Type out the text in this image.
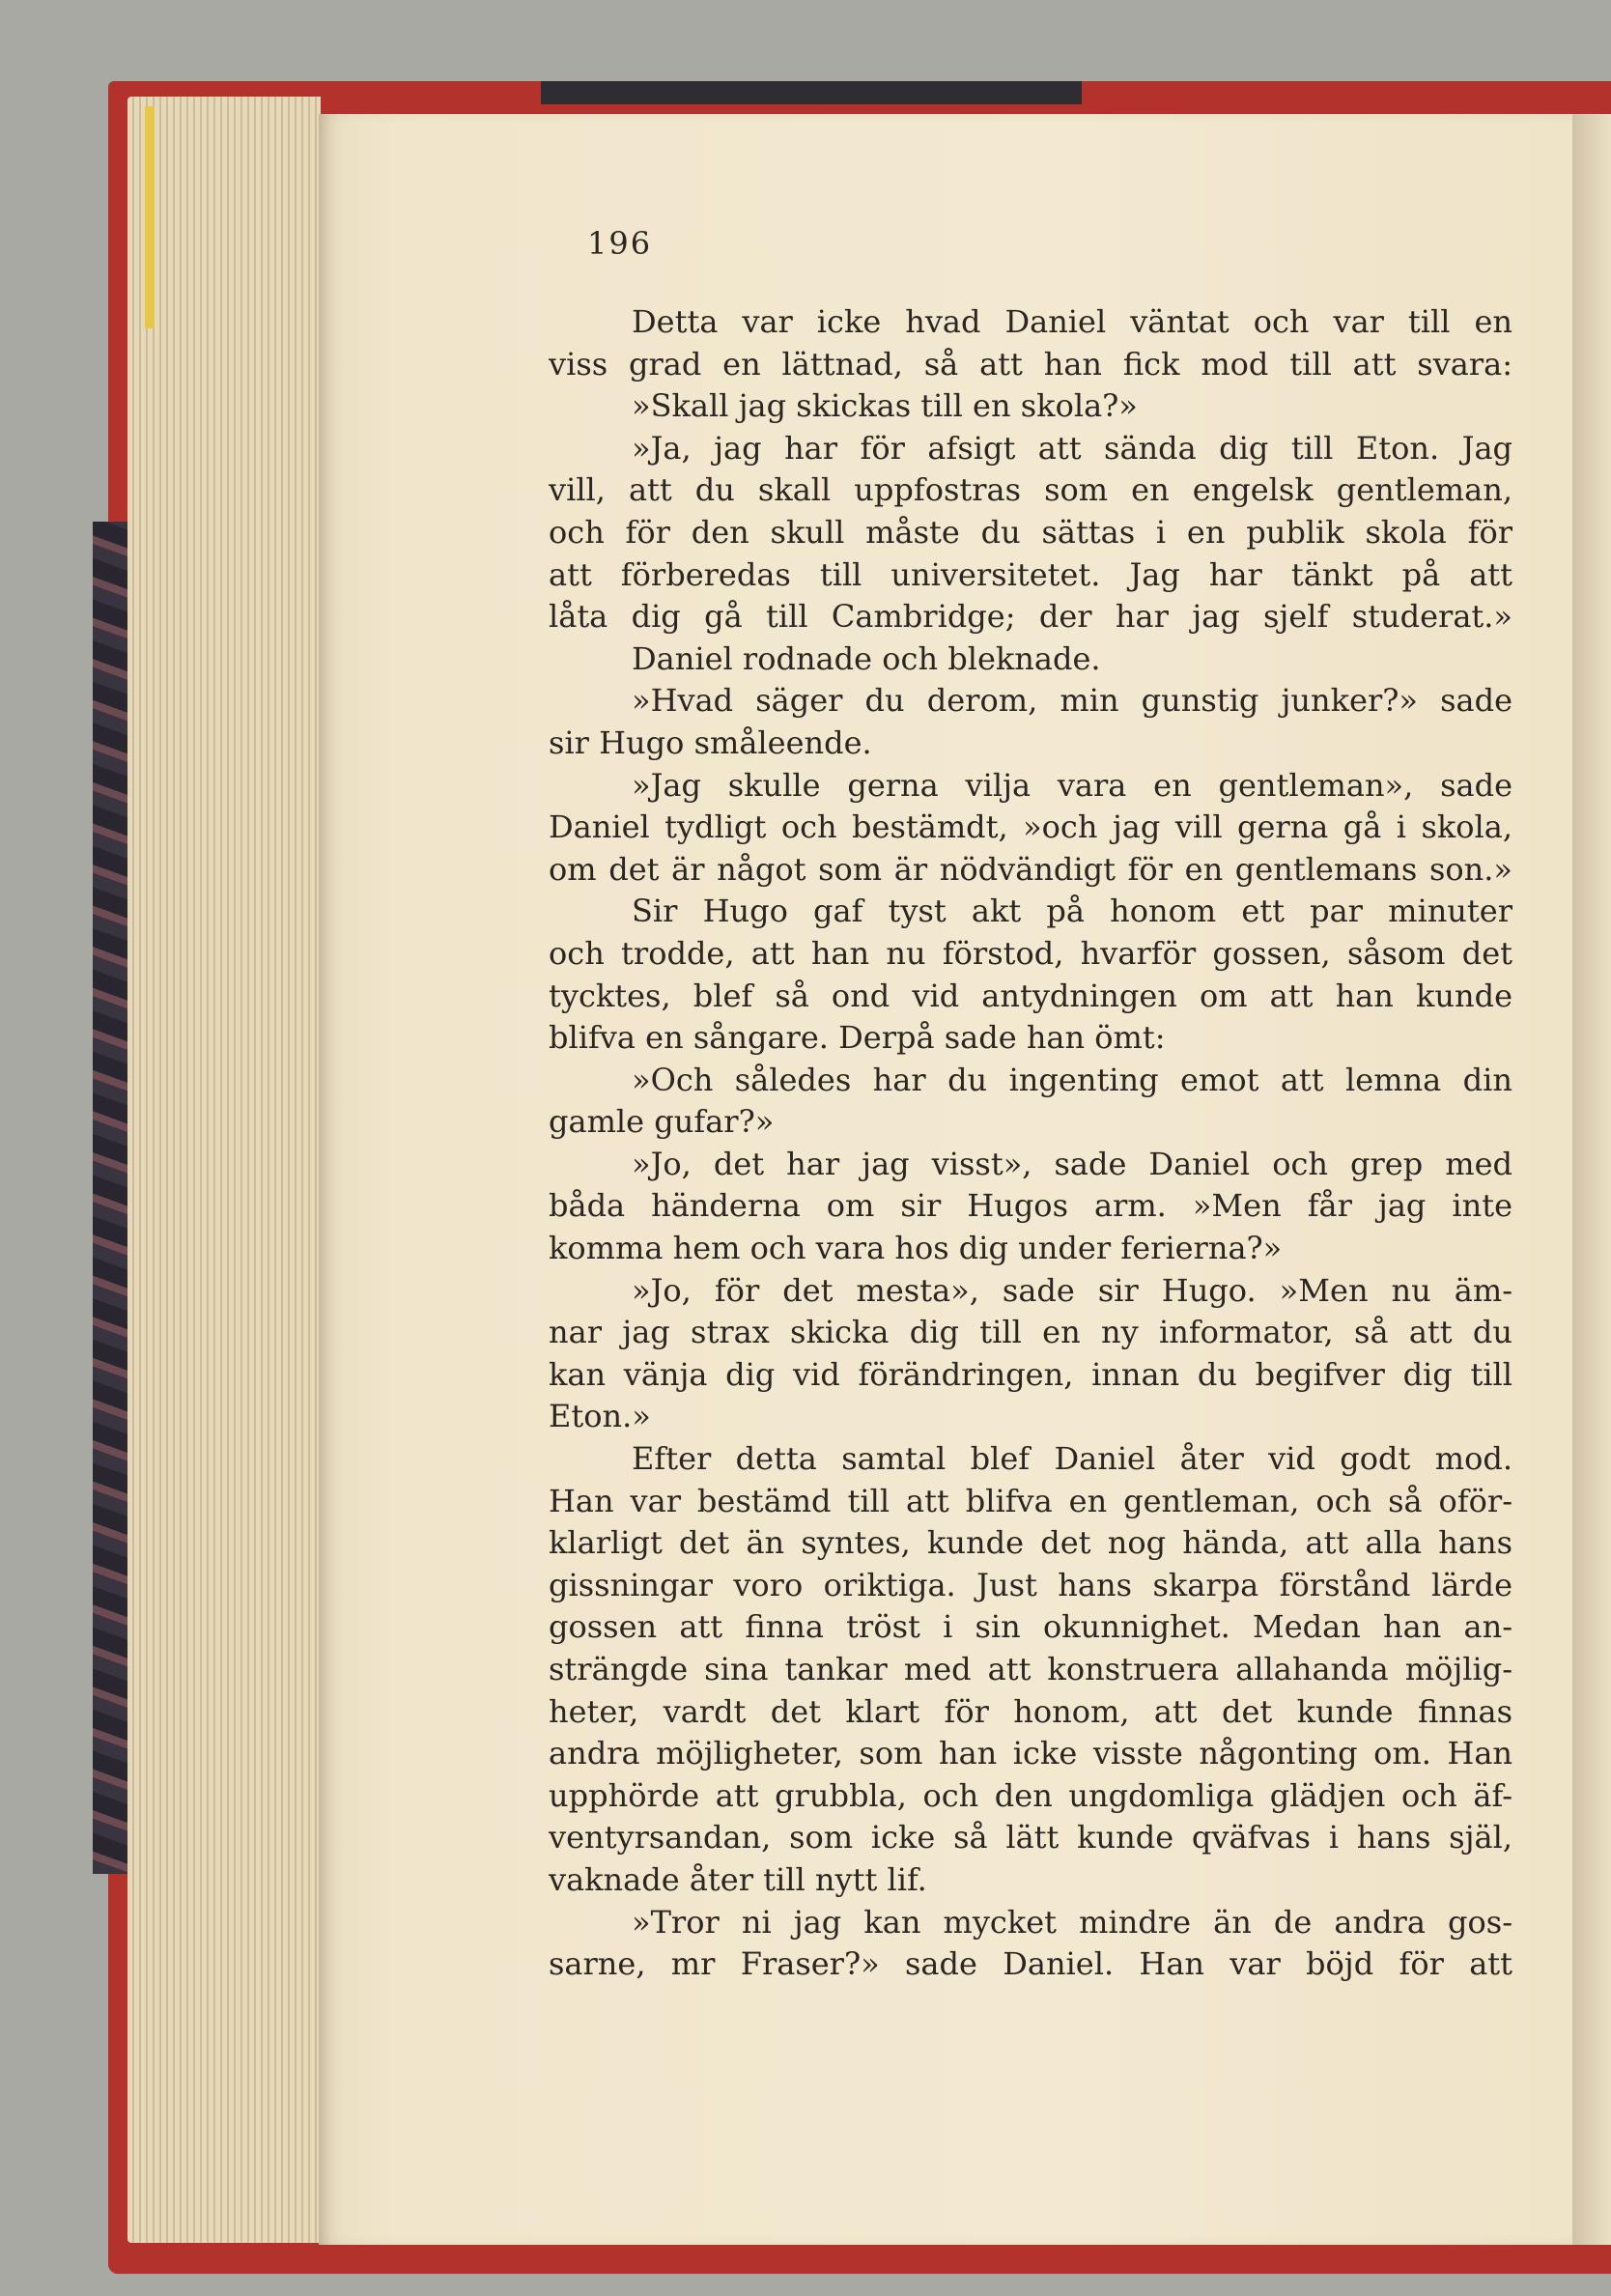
196
Detta var icke hvad Daniel väntat och var till en
viss grad en lättnad, så att han fick mod till att svara:
»Skall jag skickas till en skola?»
»Ja, jag har för afsigt att sända dig till Eton. Jag
vill, att du skall uppfostras som en engelsk gentleman,
och för den skull måste du sättas i en publik skola för
att förberedas till universitetet. Jag har tänkt på att
låta dig gå till Cambridge; der har jag sjelf studerat.»
Daniel rodnade och bleknade.
»Hvad säger du derom, min gunstig junker?» sade
sir Hugo småleende.
»Jag skulle gerna vilja vara en gentleman», sade
Daniel tydligt och bestämdt, »och jag vill gerna gå i skola,
om det är något som är nödvändigt för en gentlemans son.»
Sir Hugo gaf tyst akt på honom ett par minuter
och trodde, att han nu förstod, hvarför gossen, såsom det
tycktes, blef så ond vid antydningen om att han kunde
blifva en sångare. Derpå sade han ömt:
»Och således har du ingenting emot att lemna din
gamle gufar?»
»Jo, det har jag visst», sade Daniel och grep med
båda händerna om sir Hugos arm. »Men får jag inte
komma hem och vara hos dig under ferierna?»
»Jo, för det mesta», sade sir Hugo. »Men nu äm-
nar jag strax skicka dig till en ny informator, så att du
kan vänja dig vid förändringen, innan du begifver dig till
Eton.»
Efter detta samtal blef Daniel åter vid godt mod.
Han var bestämd till att blifva en gentleman, och så oför-
klarligt det än syntes, kunde det nog hända, att alla hans
gissningar voro oriktiga. Just hans skarpa förstånd lärde
gossen att finna tröst i sin okunnighet. Medan han an-
strängde sina tankar med att konstruera allahanda möjlig-
heter, vardt det klart för honom, att det kunde finnas
andra möjligheter, som han icke visste någonting om. Han
upphörde att grubbla, och den ungdomliga glädjen och äf-
ventyrsandan, som icke så lätt kunde qväfvas i hans själ,
vaknade åter till nytt lif.
»Tror ni jag kan mycket mindre än de andra gos-
sarne, mr Fraser?» sade Daniel. Han var böjd för att
